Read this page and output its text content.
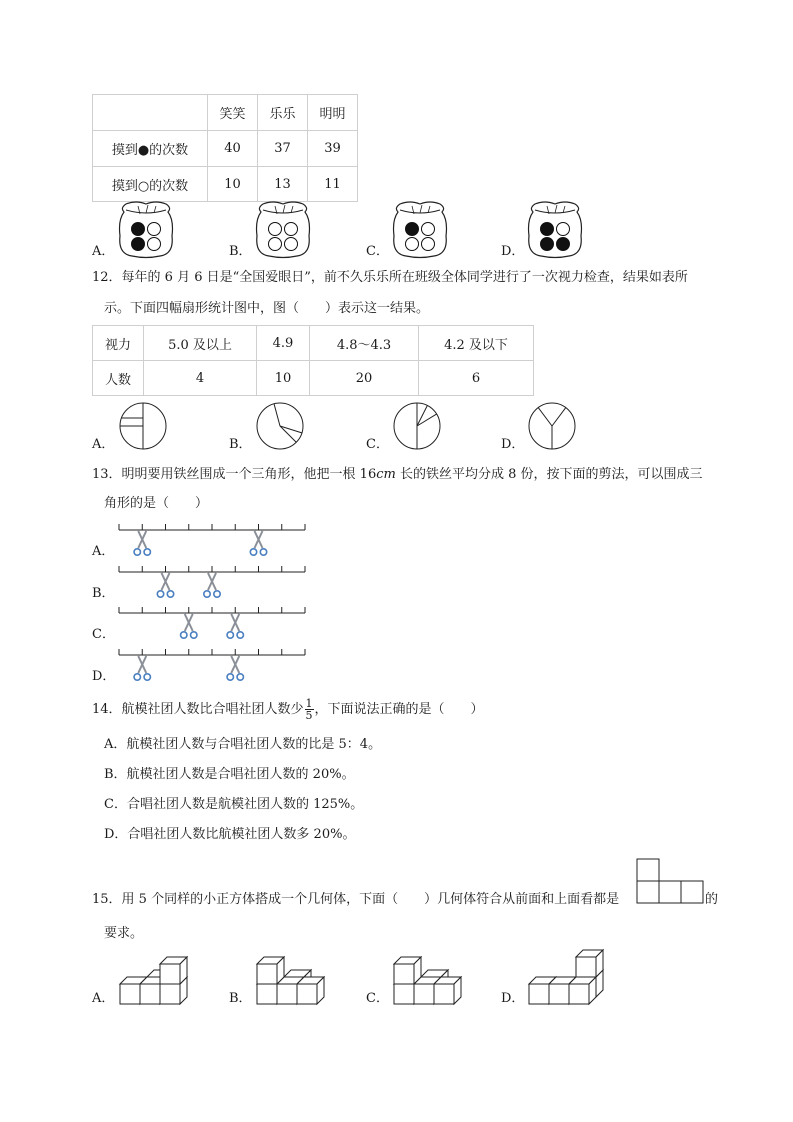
	笑笑	乐乐	明明
摸到●的次数	40	37	39
摸到○的次数	10	13	11
A．	B．	C．	D．
12．每年的 6 月 6 日是“全国爱眼日”，前不久乐乐所在班级全体同学进行了一次视力检查，结果如表所
示。下面四幅扇形统计图中，图（　　）表示这一结果。
视力	5.0 及以上	4.9	4.8～4.3	4.2 及以下
人数	4	10	20	6
A．	B．	C．	D．
13．明明要用铁丝围成一个三角形，他把一根 16cm 长的铁丝平均分成 8 份，按下面的剪法，可以围成三
角形的是（　　）
A．
B．
C．
D．
14．航模社团人数比合唱社团人数少 $\frac{1}{5}$ ，下面说法正确的是（　　）
A．航模社团人数与合唱社团人数的比是 5：4。
B．航模社团人数是合唱社团人数的 20%。
C．合唱社团人数是航模社团人数的 125%。
D．合唱社团人数比航模社团人数多 20%。
15．用 5 个同样的小正方体搭成一个几何体，下面（　　）几何体符合从前面和上面看都是	的
要求。
A．	B．	C．	D．
